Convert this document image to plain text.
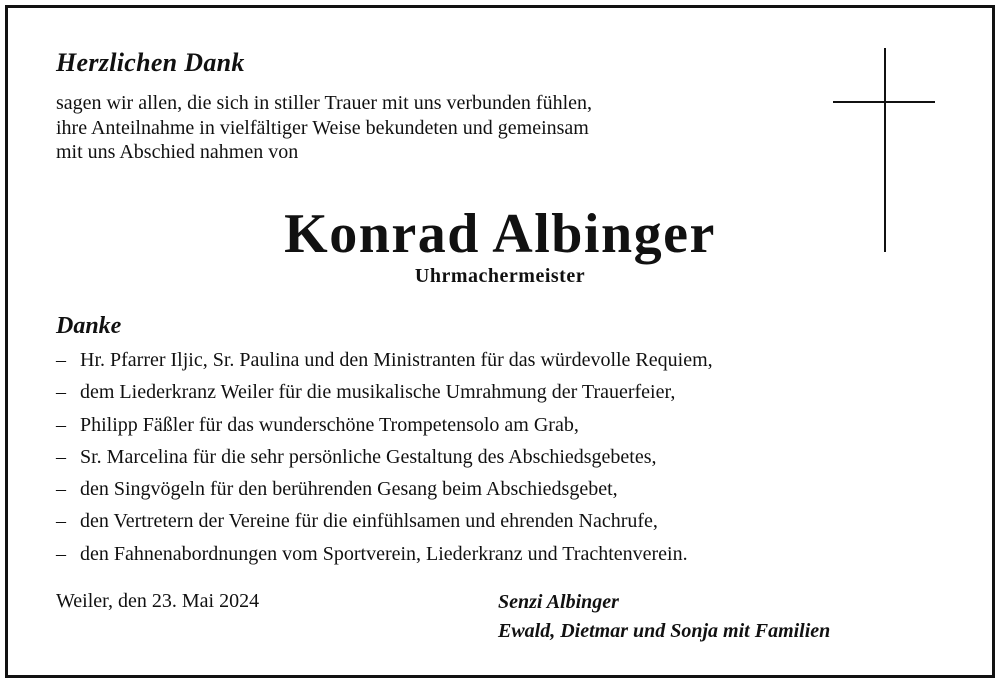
Herzlichen Dank

sagen wir allen, die sich in stiller Trauer mit uns verbunden fühlen,
ihre Anteilnahme in vielfältiger Weise bekundeten und gemeinsam
mit uns Abschied nahmen von

Konrad Albinger

Uhrmachermeister

Danke
– Hr. Pfarrer Iljic, Sr. Paulina und den Ministranten für das würdevolle Requiem,
– dem Liederkranz Weiler für die musikalische Umrahmung der Trauerfeier,
– Philipp Fäßler für das wunderschöne Trompetensolo am Grab,
– Sr. Marcelina für die sehr persönliche Gestaltung des Abschiedsgebetes,
– den Singvögeln für den berührenden Gesang beim Abschiedsgebet,
– den Vertretern der Vereine für die einfühlsamen und ehrenden Nachrufe,
– den Fahnenabordnungen vom Sportverein, Liederkranz und Trachtenverein.

Weiler, den 23. Mai 2024	Senzi Albinger
Ewald, Dietmar und Sonja mit Familien
